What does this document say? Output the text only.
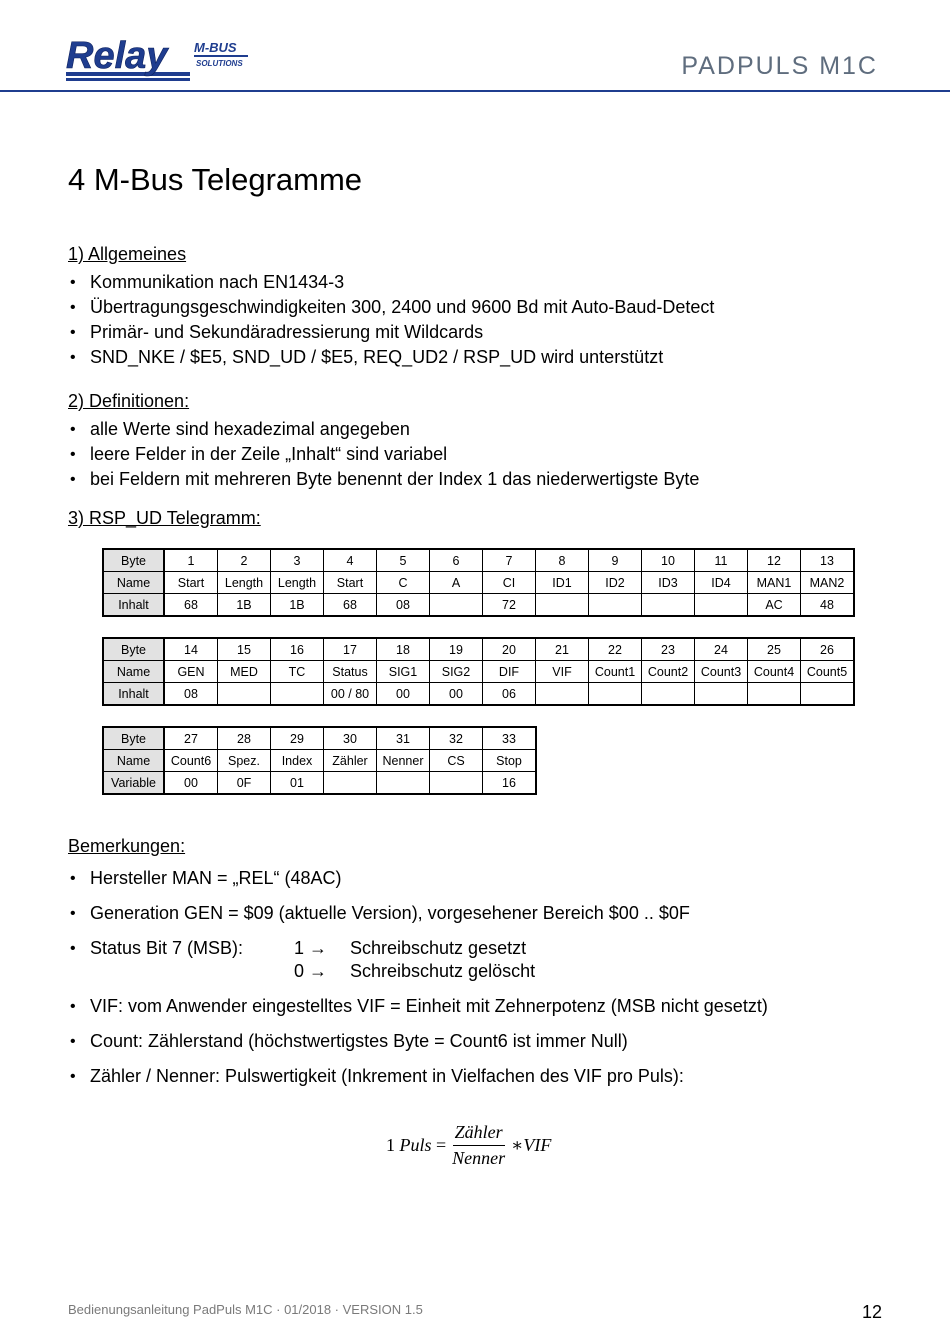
Relay M-BUS
SOLUTIONS	PADPULS M1C
4 M-Bus Telegramme
1) Allgemeines
• Kommunikation nach EN1434-3
• Übertragungsgeschwindigkeiten 300, 2400 und 9600 Bd mit Auto-Baud-Detect
• Primär- und Sekundäradressierung mit Wildcards
• SND_NKE / $E5, SND_UD / $E5, REQ_UD2 / RSP_UD wird unterstützt
2) Definitionen:
• alle Werte sind hexadezimal angegeben
• leere Felder in der Zeile „Inhalt“ sind variabel
• bei Feldern mit mehreren Byte benennt der Index 1 das niederwertigste Byte
3) RSP_UD Telegramm:
Byte	1	2	3	4	5	6	7	8	9	10	11	12	13
Name	Start	Length	Length	Start	C	A	CI	ID1	ID2	ID3	ID4	MAN1	MAN2
Inhalt	68	1B	1B	68	08		72					AC	48
Byte	14	15	16	17	18	19	20	21	22	23	24	25	26
Name	GEN	MED	TC	Status	SIG1	SIG2	DIF	VIF	Count1	Count2	Count3	Count4	Count5
Inhalt	08			00 / 80	00	00	06						
Byte	27	28	29	30	31	32	33
Name	Count6	Spez.	Index	Zähler	Nenner	CS	Stop
Variable	00	0F	01				16
Bemerkungen:
• Hersteller MAN = „REL“ (48AC)
• Generation GEN = $09 (aktuelle Version), vorgesehener Bereich $00 .. $0F
• Status Bit 7 (MSB):	1 →	Schreibschutz gesetzt
0 →	Schreibschutz gelöscht
• VIF: vom Anwender eingestelltes VIF = Einheit mit Zehnerpotenz (MSB nicht gesetzt)
• Count: Zählerstand (höchstwertigstes Byte = Count6 ist immer Null)
• Zähler / Nenner: Pulswertigkeit (Inkrement in Vielfachen des VIF pro Puls):
1
Puls
= $\frac{\text{Zähler}}{\text{Nenner}}$ ∗ VIF
Bedienungsanleitung PadPuls M1C · 01/2018 · VERSION 1.5	12
